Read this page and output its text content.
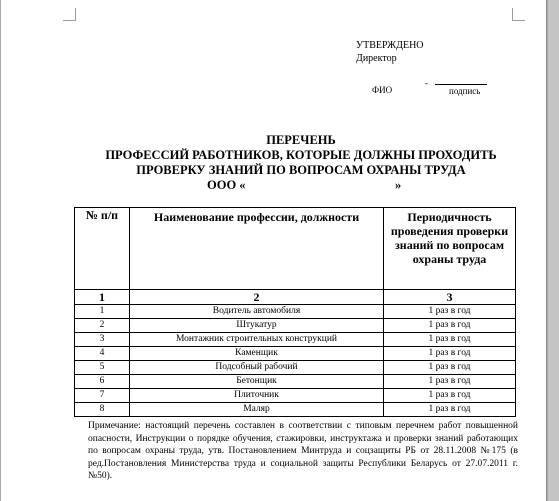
УТВЕРЖДЕНО
Директор
ФИО
-
подпись
ПЕРЕЧЕНЬ
ПРОФЕССИЙ РАБОТНИКОВ, КОТОРЫЕ ДОЛЖНЫ ПРОХОДИТЬ
ПРОВЕРКУ ЗНАНИЙ ПО ВОПРОСАМ ОХРАНЫ ТРУДА
ООО «	»
№ п/п	Наименование профессии, должности	Периодичность проведения проверки знаний по вопросам охраны труда
1	2	3
1	Водитель автомобиля	1 раз в год
2	Штукатур	1 раз в год
3	Монтажник строительных конструкций	1 раз в год
4	Каменщик	1 раз в год
5	Подсобный рабочий	1 раз в год
6	Бетонщик	1 раз в год
7	Плиточник	1 раз в год
8	Маляр	1 раз в год
Примечание: настоящий перечень составлен в соответствии с типовым перечнем работ повышенной опасности, Инструкции о порядке обучения, стажировки, инструктажа и проверки знаний работающих по вопросам охраны труда, утв. Постановлением Минтруда и соцзащиты РБ от 28.11.2008 №175 (в ред.Постановления Министерства труда и социальной защиты Республики Беларусь от 27.07.2011 г. №50).
